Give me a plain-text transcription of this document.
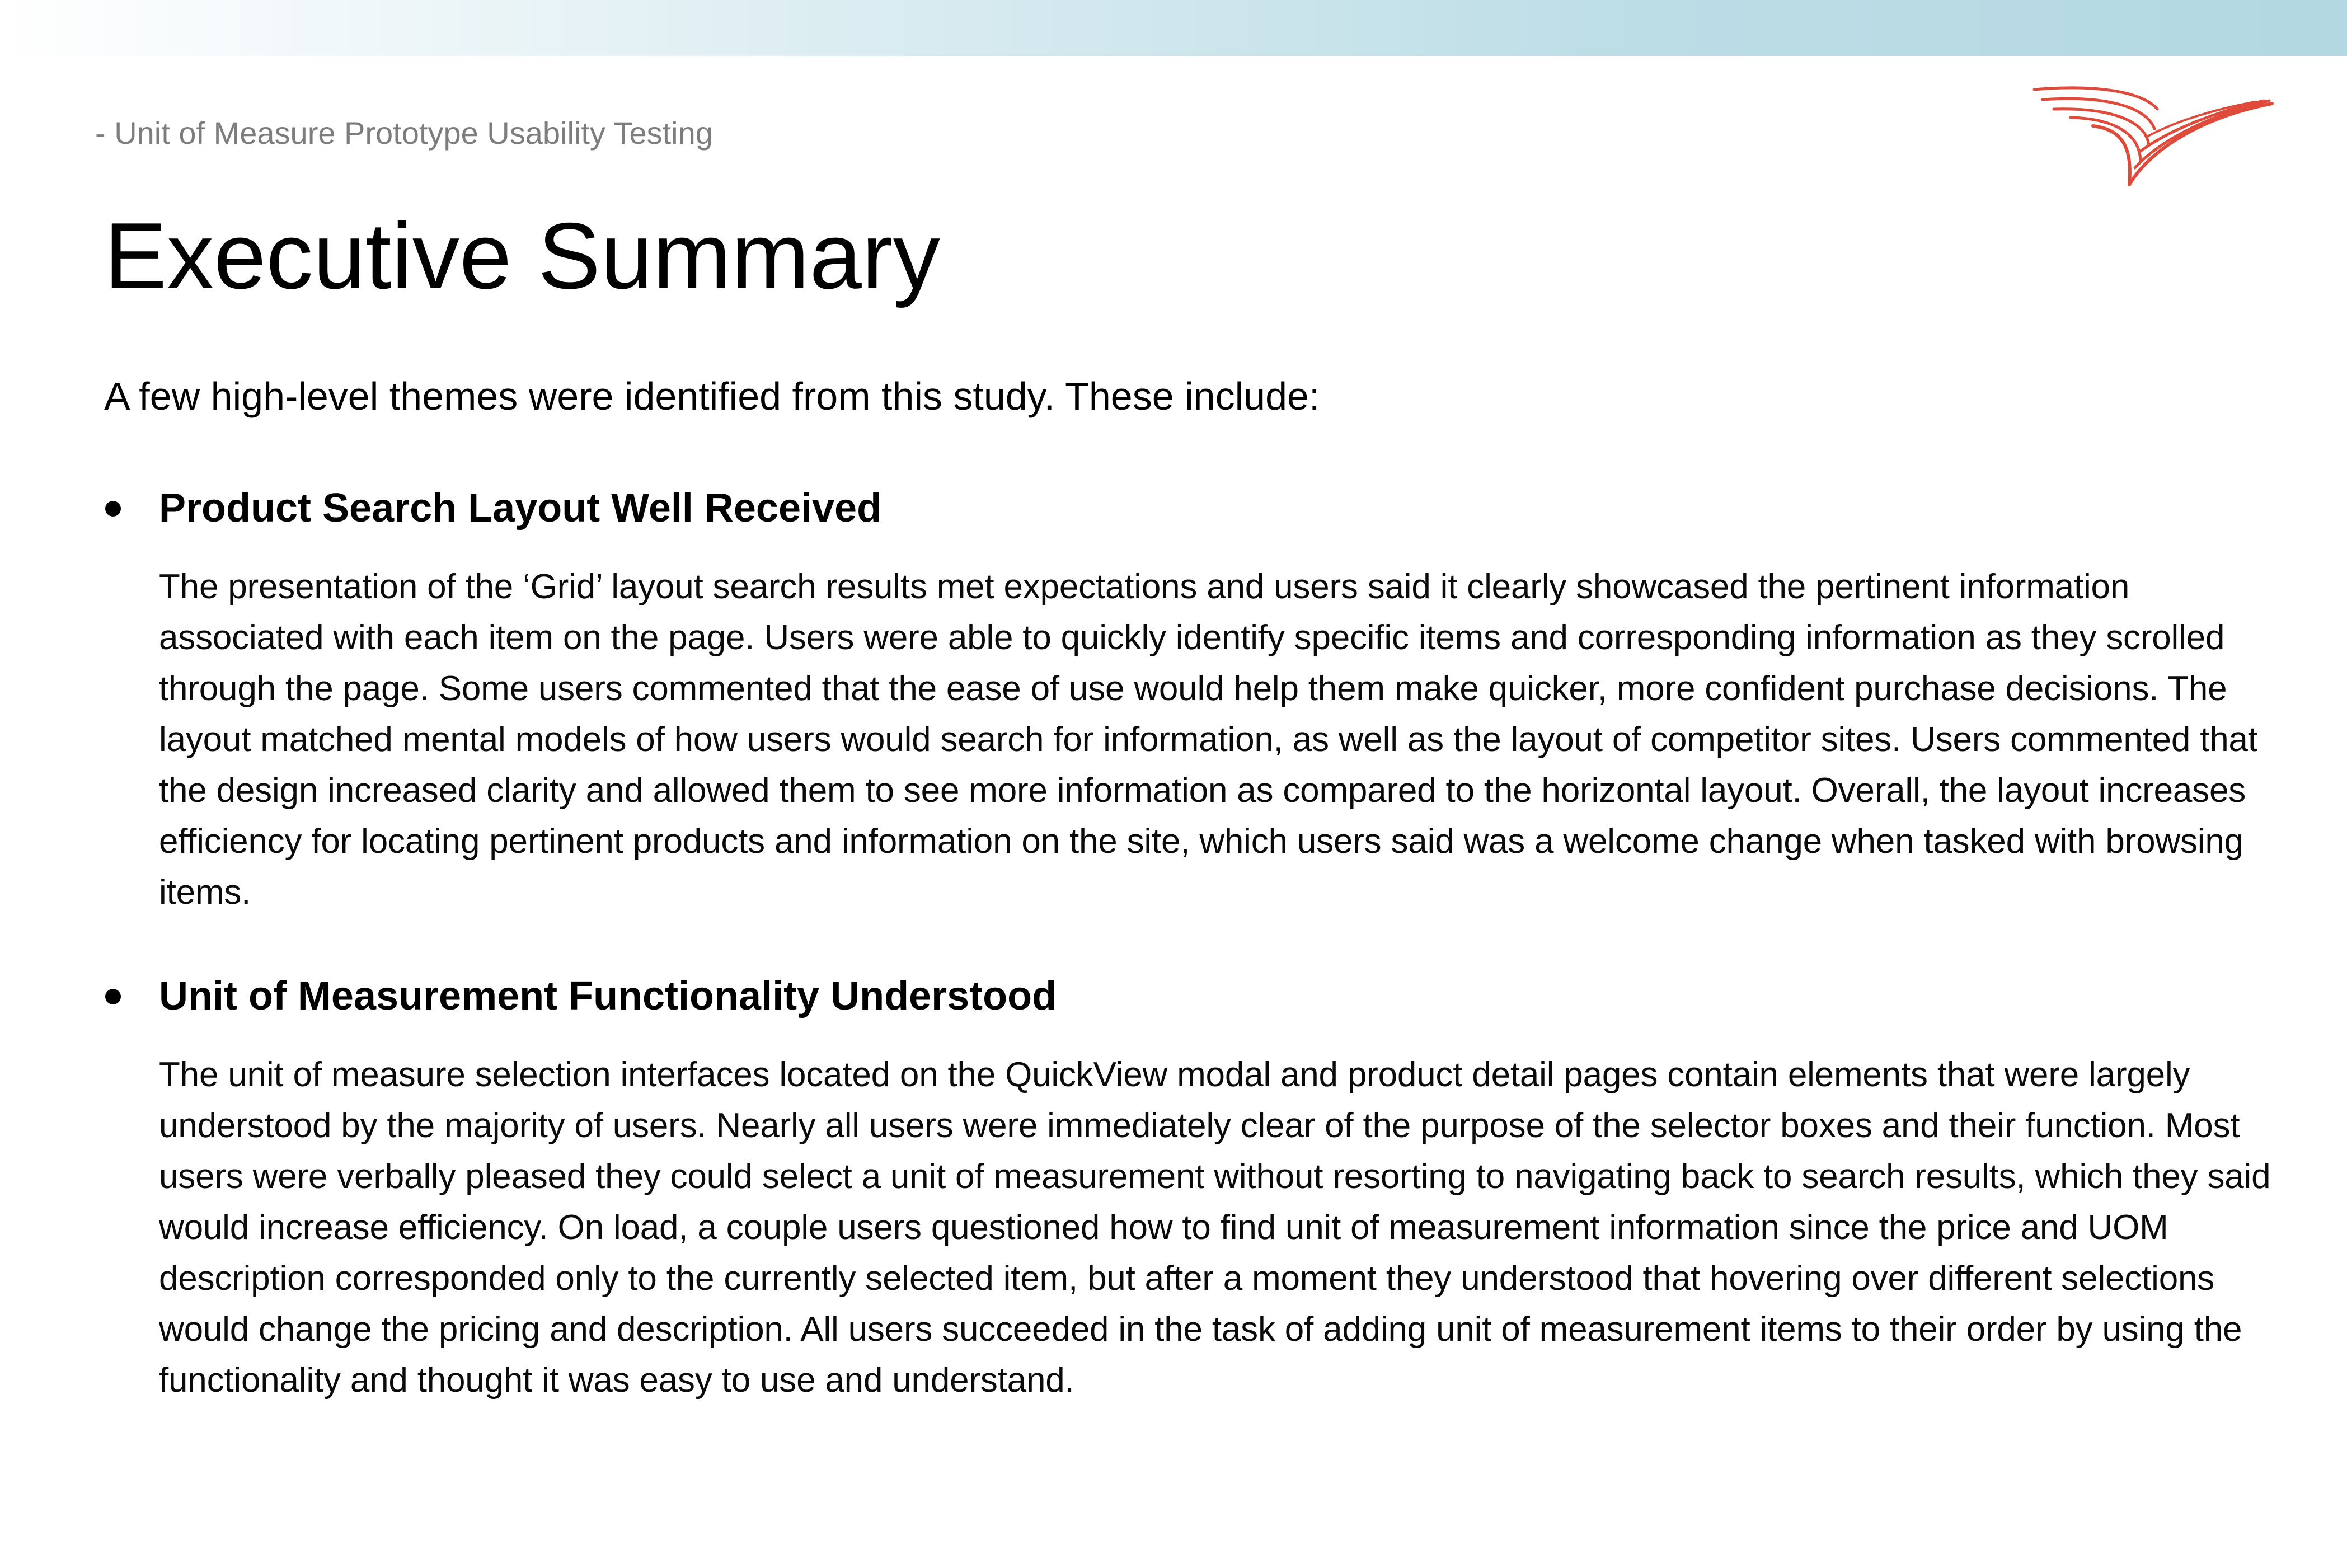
- Unit of Measure Prototype Usability Testing
Executive Summary

A few high-level themes were identified from this study. These include:

Product Search Layout Well Received

The presentation of the ‘Grid’ layout search results met expectations and users said it clearly showcased the pertinent information associated with each item on the page. Users were able to quickly identify specific items and corresponding information as they scrolled through the page. Some users commented that the ease of use would help them make quicker, more confident purchase decisions. The layout matched mental models of how users would search for information, as well as the layout of competitor sites. Users commented that the design increased clarity and allowed them to see more information as compared to the horizontal layout. Overall, the layout increases efficiency for locating pertinent products and information on the site, which users said was a welcome change when tasked with browsing items.

Unit of Measurement Functionality Understood

The unit of measure selection interfaces located on the QuickView modal and product detail pages contain elements that were largely understood by the majority of users. Nearly all users were immediately clear of the purpose of the selector boxes and their function. Most users were verbally pleased they could select a unit of measurement without resorting to navigating back to search results, which they said would increase efficiency. On load, a couple users questioned how to find unit of measurement information since the price and UOM description corresponded only to the currently selected item, but after a moment they understood that hovering over different selections would change the pricing and description. All users succeeded in the task of adding unit of measurement items to their order by using the functionality and thought it was easy to use and understand.
